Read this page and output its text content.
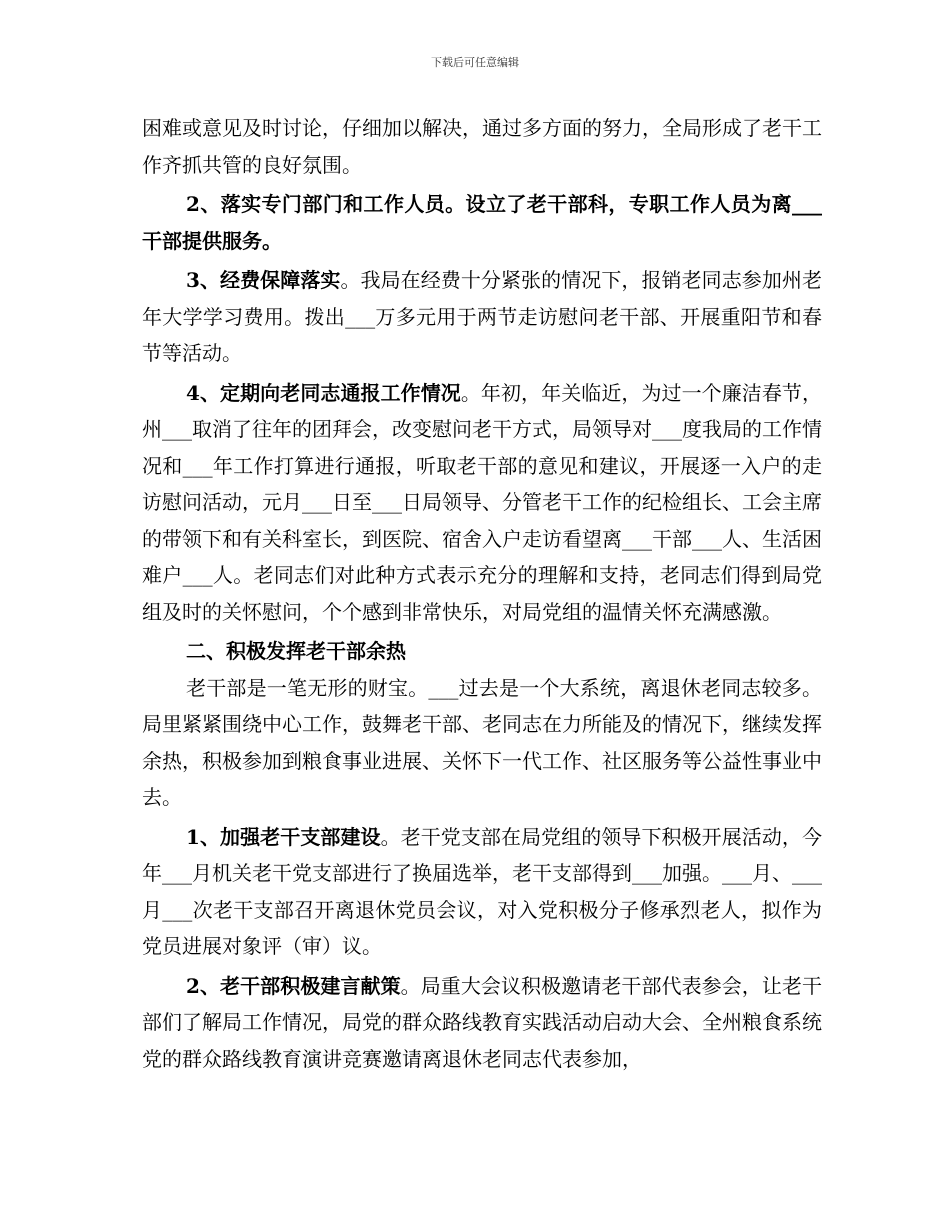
下载后可任意编辑

困难或意见及时讨论，仔细加以解决，通过多方面的努力，全局形成了老干工作齐抓共管的良好氛围。

2、落实专门部门和工作人员。设立了老干部科，专职工作人员为离___干部提供服务。

3、经费保障落实。我局在经费十分紧张的情况下，报销老同志参加州老年大学学习费用。拨出___万多元用于两节走访慰问老干部、开展重阳节和春节等活动。

4、定期向老同志通报工作情况。年初，年关临近，为过一个廉洁春节，州___取消了往年的团拜会，改变慰问老干方式，局领导对___度我局的工作情况和___年工作打算进行通报，听取老干部的意见和建议，开展逐一入户的走访慰问活动，元月___日至___日局领导、分管老干工作的纪检组长、工会主席的带领下和有关科室长，到医院、宿舍入户走访看望离___干部___人、生活困难户___人。老同志们对此种方式表示充分的理解和支持，老同志们得到局党组及时的关怀慰问，个个感到非常快乐，对局党组的温情关怀充满感激。

二、积极发挥老干部余热

老干部是一笔无形的财宝。___过去是一个大系统，离退休老同志较多。局里紧紧围绕中心工作，鼓舞老干部、老同志在力所能及的情况下，继续发挥余热，积极参加到粮食事业进展、关怀下一代工作、社区服务等公益性事业中去。

1、加强老干支部建设。老干党支部在局党组的领导下积极开展活动，今年___月机关老干党支部进行了换届选举，老干支部得到___加强。___月、___月___次老干支部召开离退休党员会议，对入党积极分子修承烈老人，拟作为党员进展对象评（审）议。

2、老干部积极建言献策。局重大会议积极邀请老干部代表参会，让老干部们了解局工作情况，局党的群众路线教育实践活动启动大会、全州粮食系统党的群众路线教育演讲竞赛邀请离退休老同志代表参加，
